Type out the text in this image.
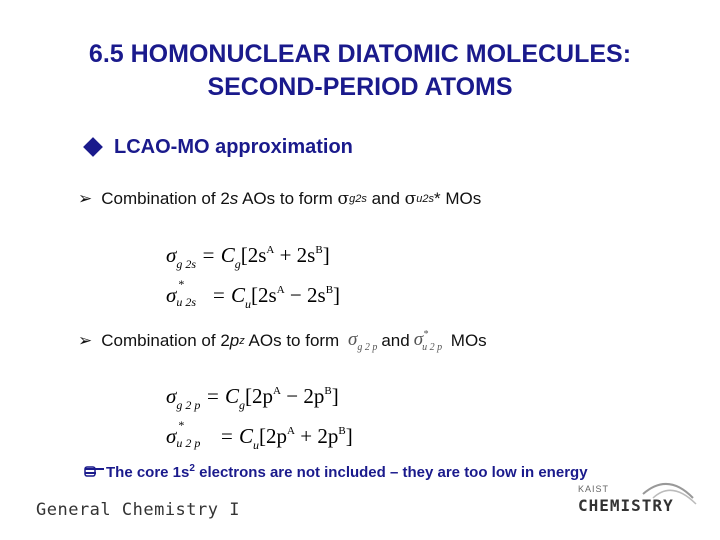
6.5 HOMONUCLEAR DIATOMIC MOLECULES:
SECOND-PERIOD ATOMS
LCAO-MO approximation
➢ Combination of 2 s AOs to form σ g2s and σ u2s * MOs
$\sigma_{g 2s} = C_g[2s^A + 2s^B]$
σ *
u $2s = C_u[2s^A - 2s^B]$
➢ Combination of 2 p z AOs to form $\sigma_{g 2 p}$ and $\sigma^*_{u 2 p}$ MOs
$\sigma_{g 2 p} = C_g[2p^A - 2p^B]$
σ *
u 2 $p = C_u[2p^A + 2p^B]$
The core $1s^2$ electrons are not included – they are too low in energy
General Chemistry I
KAIST
CHEMISTRY
